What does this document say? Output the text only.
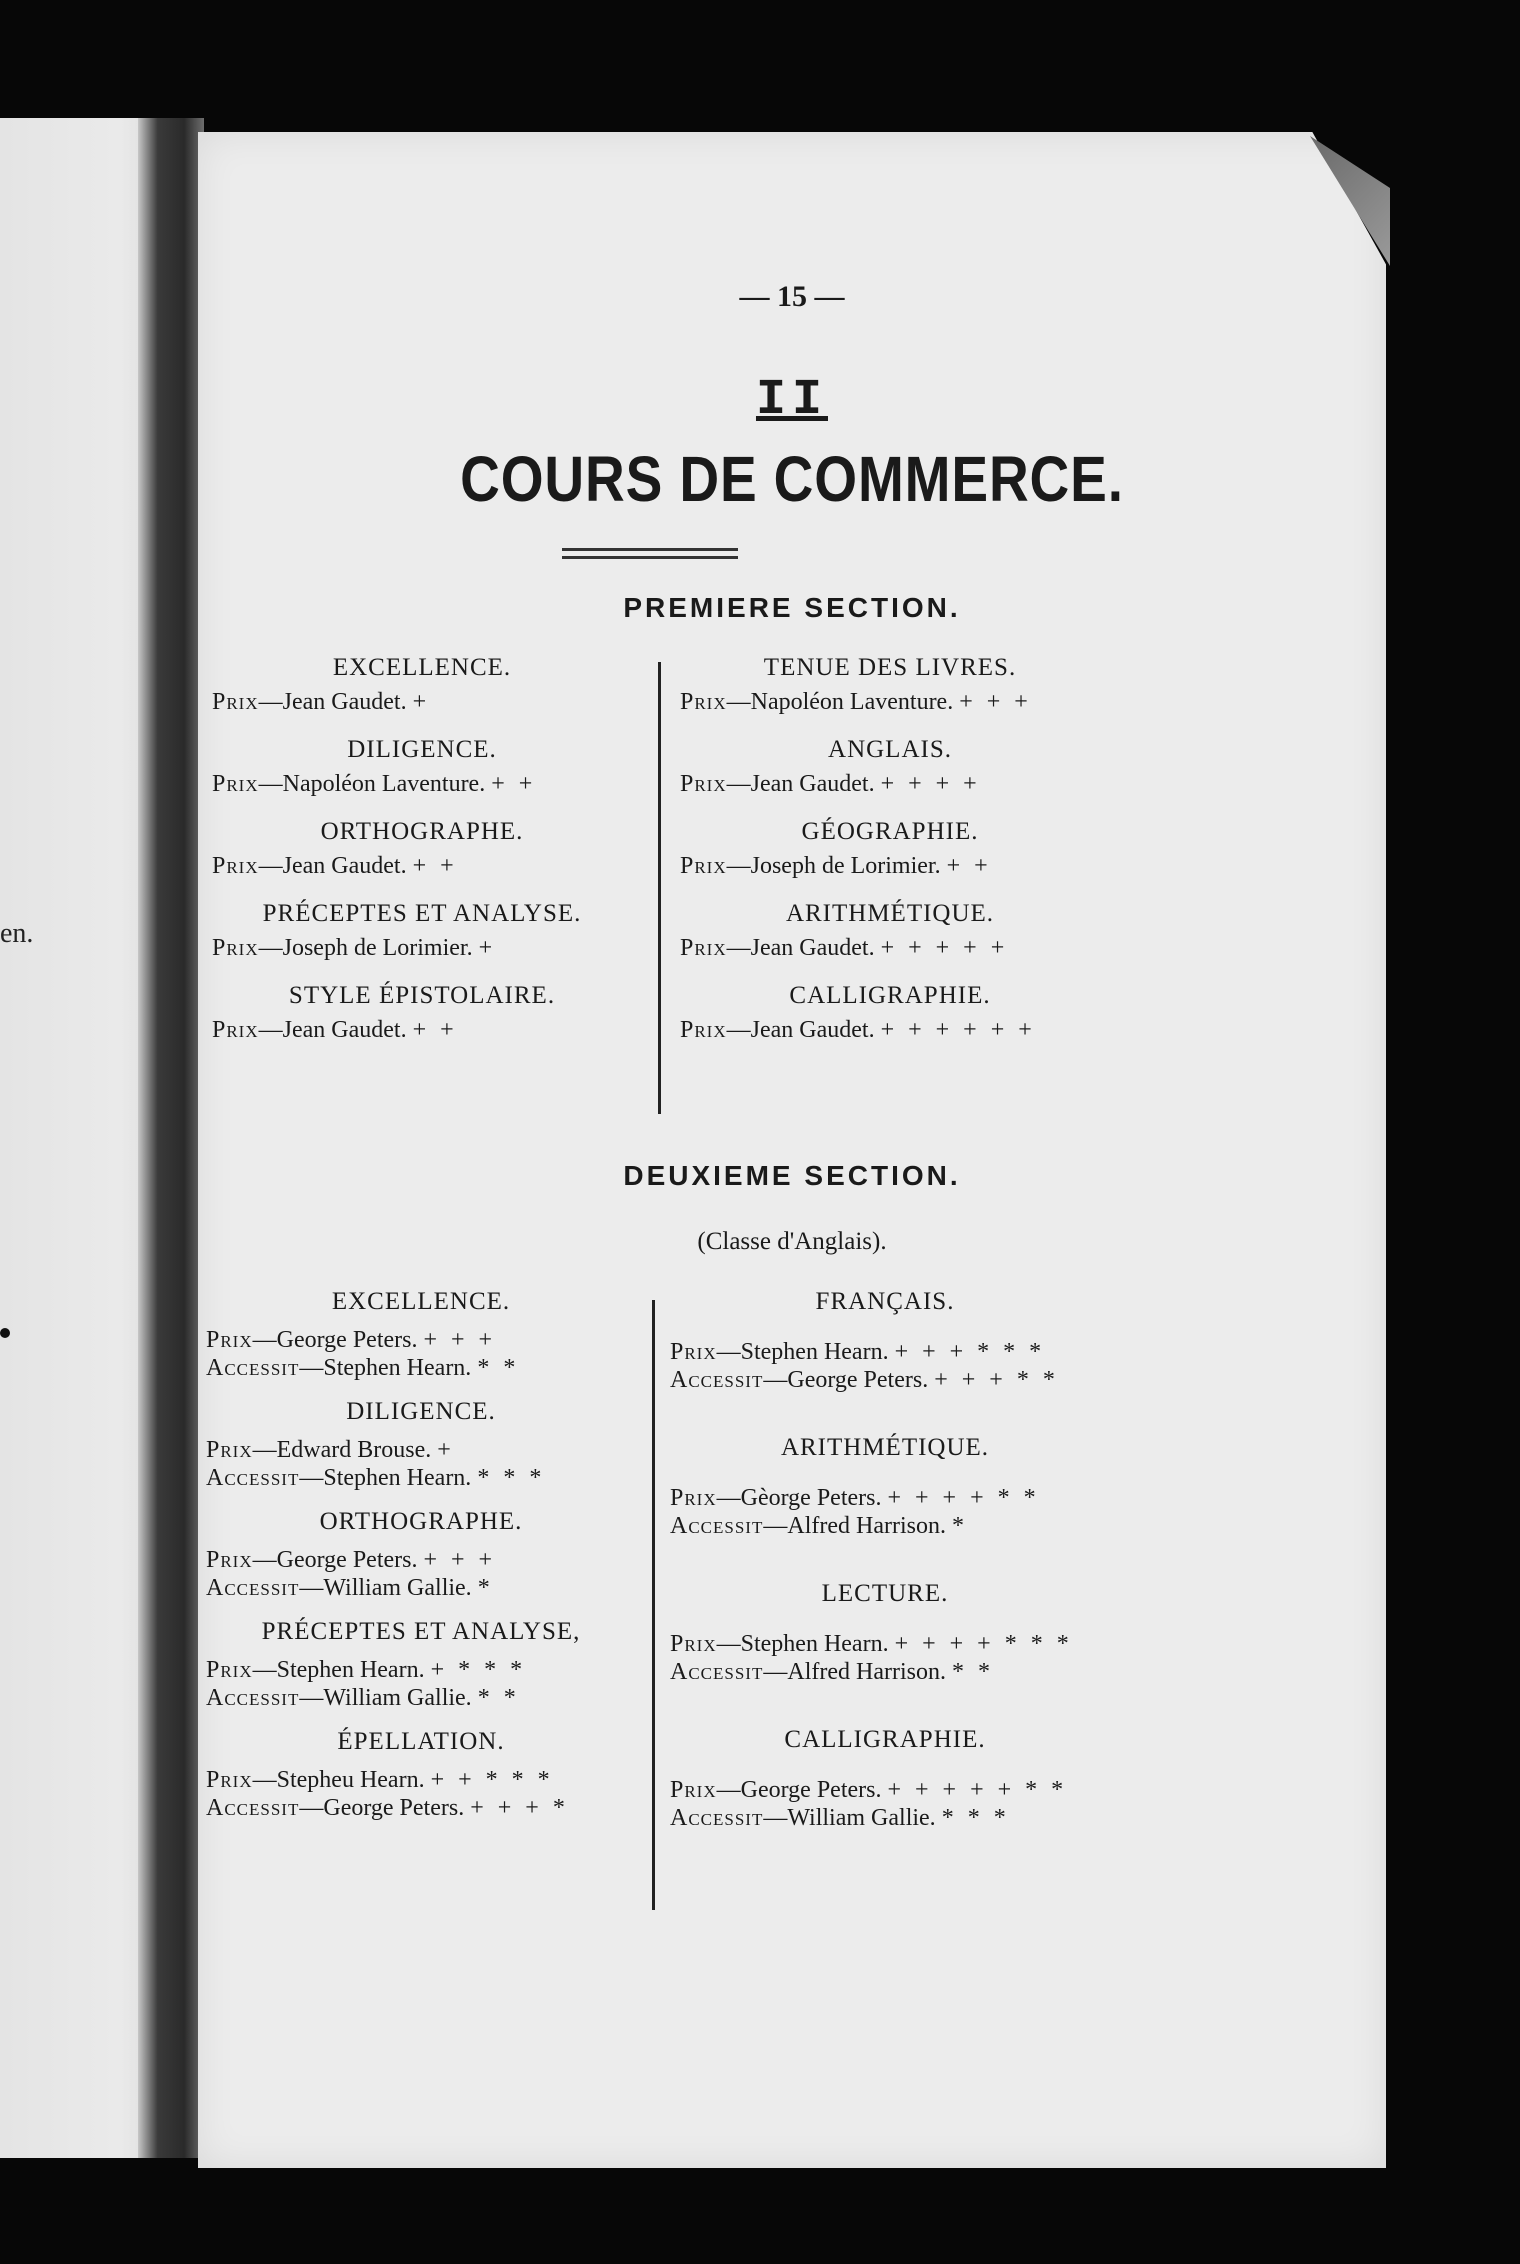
en.
— 15 —
II
COURS DE COMMERCE.
PREMIERE SECTION.

EXCELLENCE.

Prix—Jean Gaudet. +

DILIGENCE.

Prix—Napoléon Laventure. + +

ORTHOGRAPHE.

Prix—Jean Gaudet. + +

PRÉCEPTES ET ANALYSE.

Prix—Joseph de Lorimier. +

STYLE ÉPISTOLAIRE.

Prix—Jean Gaudet. + +

TENUE DES LIVRES.

Prix—Napoléon Laventure. + + +

ANGLAIS.

Prix—Jean Gaudet. + + + +

GÉOGRAPHIE.

Prix—Joseph de Lorimier. + +

ARITHMÉTIQUE.

Prix—Jean Gaudet. + + + + +

CALLIGRAPHIE.

Prix—Jean Gaudet. + + + + + +

DEUXIEME SECTION.
(Classe d'Anglais).

EXCELLENCE.

Prix—George Peters. + + +

Accessit—Stephen Hearn. * *

DILIGENCE.

Prix—Edward Brouse. +

Accessit—Stephen Hearn. * * *

ORTHOGRAPHE.

Prix—George Peters. + + +

Accessit—William Gallie. *

PRÉCEPTES ET ANALYSE,

Prix—Stephen Hearn. + * * *

Accessit—William Gallie. * *

ÉPELLATION.

Prix—Stepheu Hearn. + + * * *

Accessit—George Peters. + + + *

FRANÇAIS.

Prix—Stephen Hearn. + + + * * *

Accessit—George Peters. + + + * *

ARITHMÉTIQUE.

Prix—Gèorge Peters. + + + + * *

Accessit—Alfred Harrison. *

LECTURE.

Prix—Stephen Hearn. + + + + * * *

Accessit—Alfred Harrison. * *

CALLIGRAPHIE.

Prix—George Peters. + + + + + * *

Accessit—William Gallie. * * *
